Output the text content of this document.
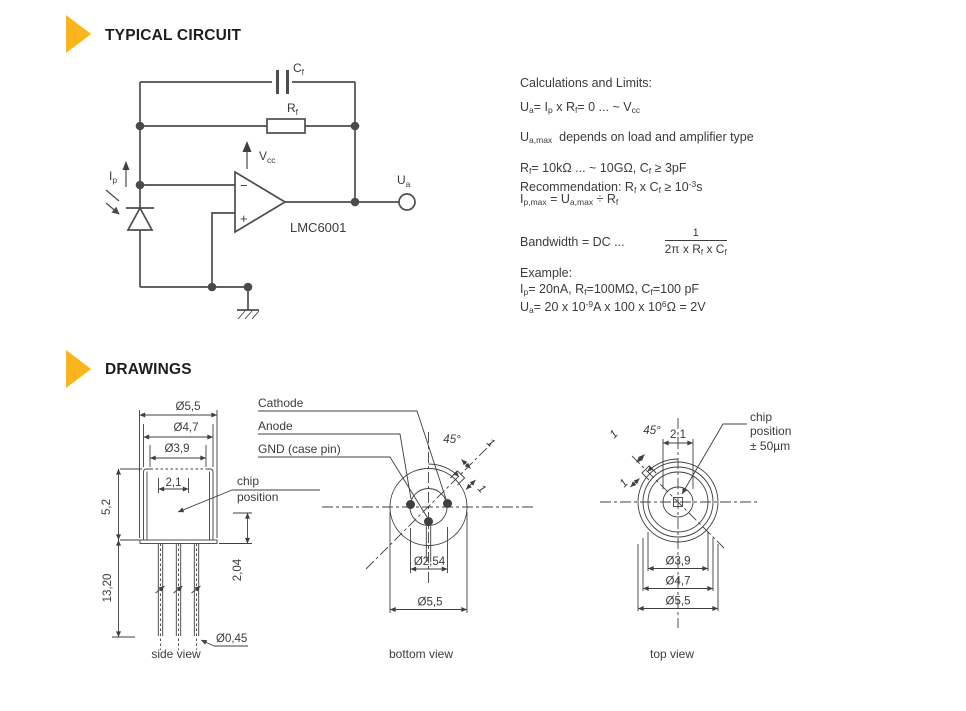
TYPICAL CIRCUIT
DRAWINGS
Calculations and Limits:
$U_a= I_p$ x $R_f= 0$ ... ~ $V_{cc}$
$U_{a,max}$  depends on load and amplifier type
$R_f= 10k\Omega$ ... ~ 10GΩ, $C_f \ge 3pF$
Recommendation: $R_f$ x $C_f \ge 10^{-3}s$
$I_{p,max} = U_{a,max} \div R_f$
Bandwidth = DC ...	$\frac{1}{2\pi x R_f x C_f}$
Example:
$I_p= 20nA$, $R_f=100M\Omega$, $C_f=100$ pF
$U_a= 20$ x $10^{-9}A$ x 100 x $10^6\Omega = 2V$
$C_f$
$R_f$
$I_p$	−
+
LMC6001
$V_{cc}$
$U_a$
Ø5,5
Ø4,7
Ø3,9
2,1	chip
position
5,2
13,20
2,04
Ø0,45
side view
Cathode
Anode
GND (case pin)
45° 1
1
Ø2,54
Ø5,5
bottom view
45°
1
1
2,1
chip
position
± 50µm
Ø3,9
Ø4,7
Ø5,5
top view
